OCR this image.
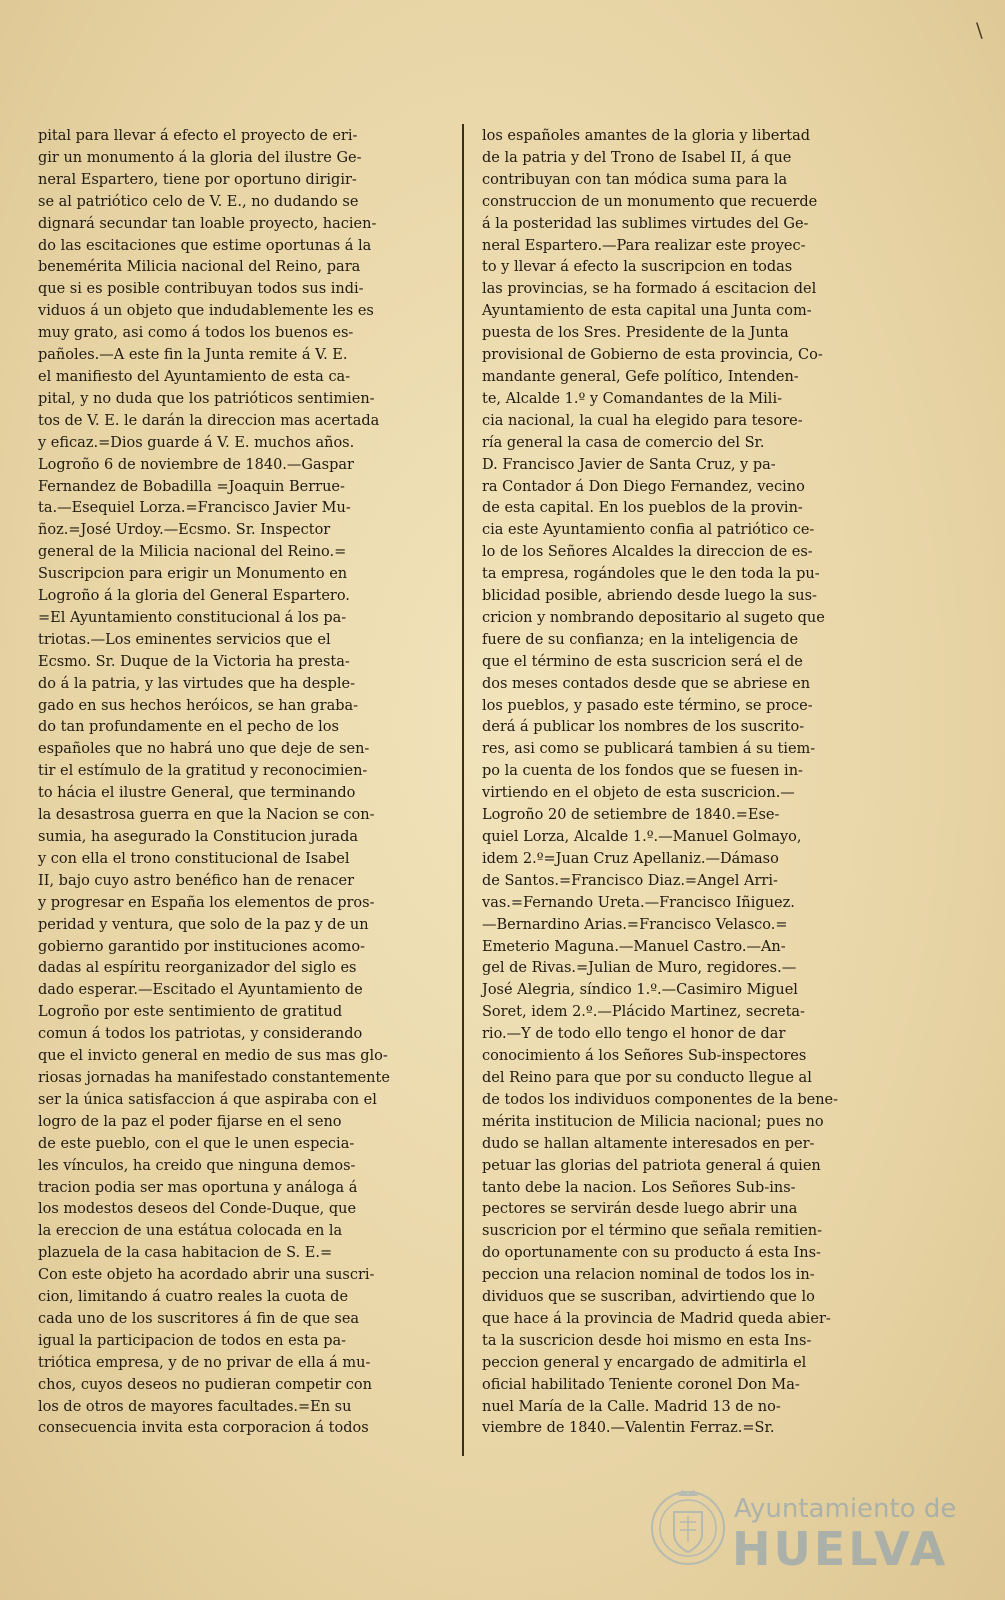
\
pital para llevar á efecto el proyecto de eri-
gir un monumento á la gloria del ilustre Ge-
neral Espartero, tiene por oportuno dirigir-
se al patriótico celo de V. E., no dudando se
dignará secundar tan loable proyecto, hacien-
do las escitaciones que estime oportunas á la
benemérita Milicia nacional del Reino, para
que si es posible contribuyan todos sus indi-
viduos á un objeto que indudablemente les es
muy grato, asi como á todos los buenos es-
pañoles.—A este fin la Junta remite á V. E.
el manifiesto del Ayuntamiento de esta ca-
pital, y no duda que los patrióticos sentimien-
tos de V. E. le darán la direccion mas acertada
y eficaz.=Dios guarde á V. E. muchos años.
Logroño 6 de noviembre de 1840.—Gaspar
Fernandez de Bobadilla =Joaquin Berrue-
ta.—Esequiel Lorza.=Francisco Javier Mu-
ñoz.=José Urdoy.—Ecsmo. Sr. Inspector
general de la Milicia nacional del Reino.=
Suscripcion para erigir un Monumento en
Logroño á la gloria del General Espartero.
=El Ayuntamiento constitucional á los pa-
triotas.—Los eminentes servicios que el
Ecsmo. Sr. Duque de la Victoria ha presta-
do á la patria, y las virtudes que ha desple-
gado en sus hechos heróicos, se han graba-
do tan profundamente en el pecho de los
españoles que no habrá uno que deje de sen-
tir el estímulo de la gratitud y reconocimien-
to hácia el ilustre General, que terminando
la desastrosa guerra en que la Nacion se con-
sumia, ha asegurado la Constitucion jurada
y con ella el trono constitucional de Isabel
II, bajo cuyo astro benéfico han de renacer
y progresar en España los elementos de pros-
peridad y ventura, que solo de la paz y de un
gobierno garantido por instituciones acomo-
dadas al espíritu reorganizador del siglo es
dado esperar.—Escitado el Ayuntamiento de
Logroño por este sentimiento de gratitud
comun á todos los patriotas, y considerando
que el invicto general en medio de sus mas glo-
riosas jornadas ha manifestado constantemente
ser la única satisfaccion á que aspiraba con el
logro de la paz el poder fijarse en el seno
de este pueblo, con el que le unen especia-
les vínculos, ha creido que ninguna demos-
tracion podia ser mas oportuna y análoga á
los modestos deseos del Conde-Duque, que
la ereccion de una estátua colocada en la
plazuela de la casa habitacion de S. E.=
Con este objeto ha acordado abrir una suscri-
cion, limitando á cuatro reales la cuota de
cada uno de los suscritores á fin de que sea
igual la participacion de todos en esta pa-
triótica empresa, y de no privar de ella á mu-
chos, cuyos deseos no pudieran competir con
los de otros de mayores facultades.=En su
consecuencia invita esta corporacion á todos
los españoles amantes de la gloria y libertad
de la patria y del Trono de Isabel II, á que
contribuyan con tan módica suma para la
construccion de un monumento que recuerde
á la posteridad las sublimes virtudes del Ge-
neral Espartero.—Para realizar este proyec-
to y llevar á efecto la suscripcion en todas
las provincias, se ha formado á escitacion del
Ayuntamiento de esta capital una Junta com-
puesta de los Sres. Presidente de la Junta
provisional de Gobierno de esta provincia, Co-
mandante general, Gefe político, Intenden-
te, Alcalde 1.º y Comandantes de la Mili-
cia nacional, la cual ha elegido para tesore-
ría general la casa de comercio del Sr.
D. Francisco Javier de Santa Cruz, y pa-
ra Contador á Don Diego Fernandez, vecino
de esta capital. En los pueblos de la provin-
cia este Ayuntamiento confia al patriótico ce-
lo de los Señores Alcaldes la direccion de es-
ta empresa, rogándoles que le den toda la pu-
blicidad posible, abriendo desde luego la sus-
cricion y nombrando depositario al sugeto que
fuere de su confianza; en la inteligencia de
que el término de esta suscricion será el de
dos meses contados desde que se abriese en
los pueblos, y pasado este término, se proce-
derá á publicar los nombres de los suscrito-
res, asi como se publicará tambien á su tiem-
po la cuenta de los fondos que se fuesen in-
virtiendo en el objeto de esta suscricion.—
Logroño 20 de setiembre de 1840.=Ese-
quiel Lorza, Alcalde 1.º.—Manuel Golmayo,
idem 2.º=Juan Cruz Apellaniz.—Dámaso
de Santos.=Francisco Diaz.=Angel Arri-
vas.=Fernando Ureta.—Francisco Iñiguez.
—Bernardino Arias.=Francisco Velasco.=
Emeterio Maguna.—Manuel Castro.—An-
gel de Rivas.=Julian de Muro, regidores.—
José Alegria, síndico 1.º.—Casimiro Miguel
Soret, idem 2.º.—Plácido Martinez, secreta-
rio.—Y de todo ello tengo el honor de dar
conocimiento á los Señores Sub-inspectores
del Reino para que por su conducto llegue al
de todos los individuos componentes de la bene-
mérita institucion de Milicia nacional; pues no
dudo se hallan altamente interesados en per-
petuar las glorias del patriota general á quien
tanto debe la nacion. Los Señores Sub-ins-
pectores se servirán desde luego abrir una
suscricion por el término que señala remitien-
do oportunamente con su producto á esta Ins-
peccion una relacion nominal de todos los in-
dividuos que se suscriban, advirtiendo que lo
que hace á la provincia de Madrid queda abier-
ta la suscricion desde hoi mismo en esta Ins-
peccion general y encargado de admitirla el
oficial habilitado Teniente coronel Don Ma-
nuel María de la Calle. Madrid 13 de no-
viembre de 1840.—Valentin Ferraz.=Sr.
Ayuntamiento de
HUELVA
